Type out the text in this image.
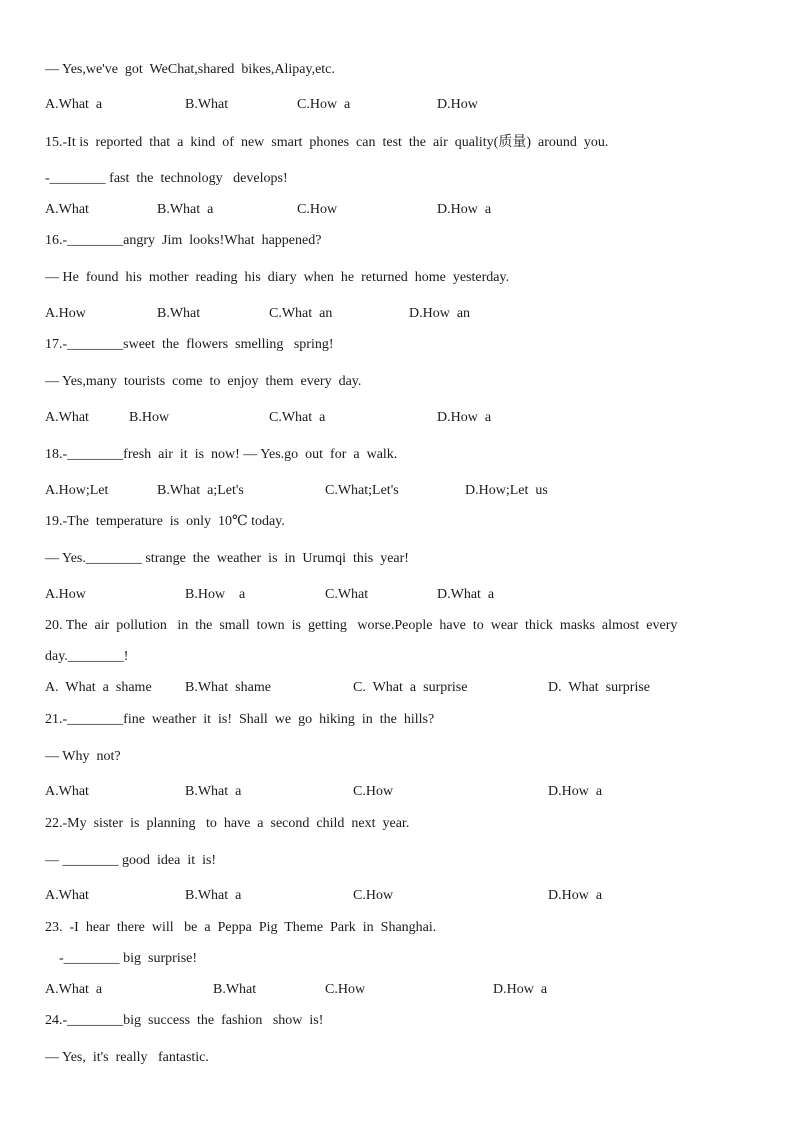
— Yes,we've  got  WeChat,shared  bikes,Alipay,etc.
A.What  a	B.What	C.How  a	D.How
15.-It is  reported  that  a  kind  of  new  smart  phones  can  test  the  air  quality(质量)  around  you.
-________ fast  the  technology   develops!
A.What	B.What  a	C.How	D.How  a
16.-________angry  Jim  looks!What  happened?
— He  found  his  mother  reading  his  diary  when  he  returned  home  yesterday.
A.How	B.What	C.What  an	D.How  an
17.-________sweet  the  flowers  smelling   spring!
— Yes,many  tourists  come  to  enjoy  them  every  day.
A.What	B.How	C.What  a	D.How  a
18.-________fresh  air  it  is  now! — Yes.go  out  for  a  walk.
A.How;Let	B.What  a;Let's	C.What;Let's	D.How;Let  us
19.-The  temperature  is  only  10℃ today.
— Yes.________ strange  the  weather  is  in  Urumqi  this  year!
A.How	B.How    a	C.What	D.What  a
20. The  air  pollution   in  the  small  town  is  getting   worse.People  have  to  wear  thick  masks  almost  every
day.________!
A.  What  a  shame B.What  shame	C.  What  a  surprise	D.  What  surprise
21.-________fine  weather  it  is!  Shall  we  go  hiking  in  the  hills?
— Why  not?
A.What	B.What  a	C.How	D.How  a
22.-My  sister  is  planning   to  have  a  second  child  next  year.
— ________ good  idea  it  is!
A.What	B.What  a	C.How	D.How  a
23.  -I  hear  there  will   be  a  Peppa  Pig  Theme  Park  in  Shanghai.
-________ big  surprise!
A.What  a	B.What	C.How	D.How  a
24.-________big  success  the  fashion   show  is!
— Yes,  it's  really   fantastic.
